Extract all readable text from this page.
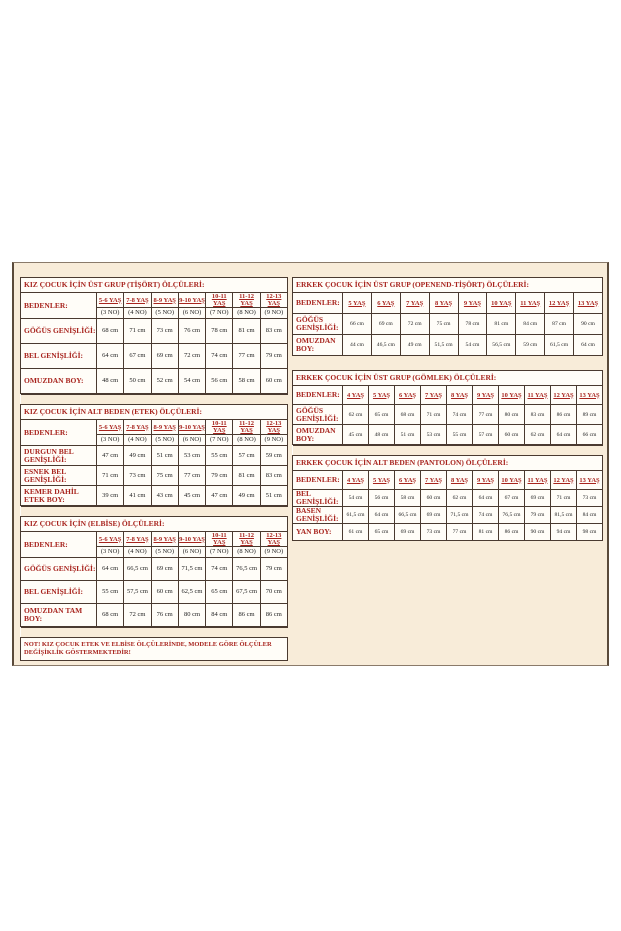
KIZ ÇOCUK İÇİN ÜST GRUP (TİŞÖRT) ÖLÇÜLERİ:							
BEDENLER:	5-6 YAŞ	7-8 YAŞ	8-9 YAŞ	9-10 YAŞ	10-11 YAŞ	11-12 YAŞ	12-13 YAŞ
	(3 NO)	(4 NO)	(5 NO)	(6 NO)	(7 NO)	(8 NO)	(9 NO)
GÖĞÜS GENİŞLİĞİ:	68 cm	71 cm	73 cm	76 cm	78 cm	81 cm	83 cm
BEL GENİŞLİĞİ:	64 cm	67 cm	69 cm	72 cm	74 cm	77 cm	79 cm
OMUZDAN BOY:	48 cm	50 cm	52 cm	54 cm	56 cm	58 cm	60 cm

KIZ ÇOCUK İÇİN ALT BEDEN (ETEK) ÖLÇÜLERİ:							
BEDENLER:	5-6 YAŞ	7-8 YAŞ	8-9 YAŞ	9-10 YAŞ	10-11 YAŞ	11-12 YAŞ	12-13 YAŞ
	(3 NO)	(4 NO)	(5 NO)	(6 NO)	(7 NO)	(8 NO)	(9 NO)
DURGUN BEL GENİŞLİĞİ:	47 cm	49 cm	51 cm	53 cm	55 cm	57 cm	59 cm
ESNEK BEL GENİŞLİĞİ:	71 cm	73 cm	75 cm	77 cm	79 cm	81 cm	83 cm
KEMER DAHİL ETEK BOY:	39 cm	41 cm	43 cm	45 cm	47 cm	49 cm	51 cm

KIZ ÇOCUK İÇİN (ELBİSE) ÖLÇÜLERİ:							
BEDENLER:	5-6 YAŞ	7-8 YAŞ	8-9 YAŞ	9-10 YAŞ	10-11 YAŞ	11-12 YAŞ	12-13 YAŞ
	(3 NO)	(4 NO)	(5 NO)	(6 NO)	(7 NO)	(8 NO)	(9 NO)
GÖĞÜS GENİŞLİĞİ:	64 cm	66,5 cm	69 cm	71,5 cm	74 cm	76,5 cm	79 cm
BEL GENİŞLİĞİ:	55 cm	57,5 cm	60 cm	62,5 cm	65 cm	67,5 cm	70 cm
OMUZDAN TAM BOY:	68 cm	72 cm	76 cm	80 cm	84 cm	86 cm	86 cm

NOT! KIZ ÇOCUK ETEK VE ELBİSE ÖLÇÜLERİNDE, MODELE GÖRE ÖLÇÜLER DEĞİŞİKLİK GÖSTERMEKTEDİR!
ERKEK ÇOCUK İÇİN ÜST GRUP (OPENEND-TİŞÖRT) ÖLÇÜLERİ:									
BEDENLER:	5 YAŞ	6 YAŞ	7 YAŞ	8 YAŞ	9 YAŞ	10 YAŞ	11 YAŞ	12 YAŞ	13 YAŞ
GÖĞÜS GENİŞLİĞİ:	66 cm	69 cm	72 cm	75 cm	78 cm	81 cm	84 cm	87 cm	90 cm
OMUZDAN BOY:	44 cm	46,5 cm	49 cm	51,5 cm	54 cm	56,5 cm	59 cm	61,5 cm	64 cm
ERKEK ÇOCUK İÇİN ÜST GRUP (GÖMLEK) ÖLÇÜLERİ:										
BEDENLER:	4 YAŞ	5 YAŞ	6 YAŞ	7 YAŞ	8 YAŞ	9 YAŞ	10 YAŞ	11 YAŞ	12 YAŞ	13 YAŞ
GÖĞÜS GENİŞLİĞİ:	62 cm	65 cm	68 cm	71 cm	74 cm	77 cm	80 cm	83 cm	86 cm	89 cm
OMUZDAN BOY:	45 cm	48 cm	51 cm	53 cm	55 cm	57 cm	60 cm	62 cm	64 cm	66 cm

ERKEK ÇOCUK İÇİN ALT BEDEN (PANTOLON) ÖLÇÜLERİ:										
BEDENLER:	4 YAŞ	5 YAŞ	6 YAŞ	7 YAŞ	8 YAŞ	9 YAŞ	10 YAŞ	11 YAŞ	12 YAŞ	13 YAŞ
BEL GENİŞLİĞİ:	54 cm	56 cm	58 cm	60 cm	62 cm	64 cm	67 cm	69 cm	71 cm	73 cm
BASEN GENİŞLİĞİ:	61,5 cm	64 cm	66,5 cm	69 cm	71,5 cm	74 cm	76,5 cm	79 cm	81,5 cm	84 cm
YAN BOY:	61 cm	65 cm	69 cm	73 cm	77 cm	81 cm	86 cm	90 cm	94 cm	98 cm
